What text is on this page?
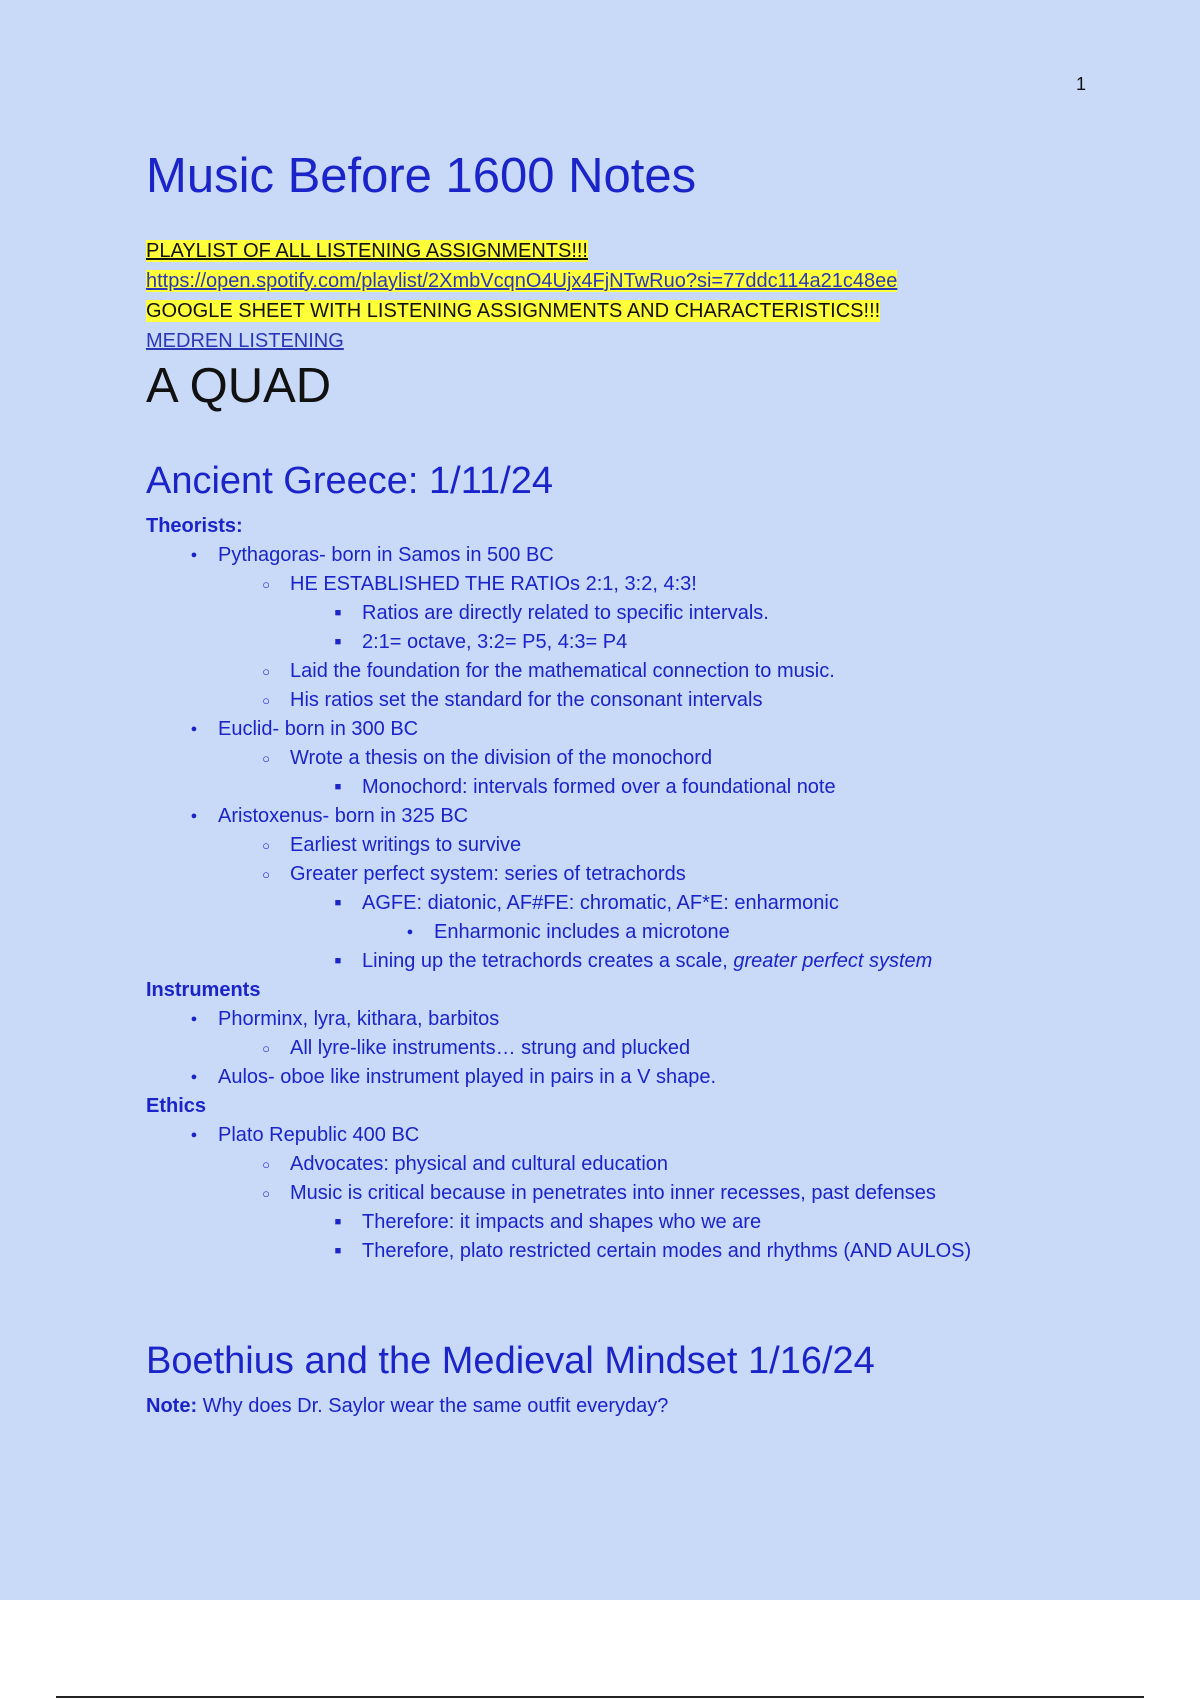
1
Music Before 1600 Notes
PLAYLIST OF ALL LISTENING ASSIGNMENTS!!!
https://open.spotify.com/playlist/2XmbVcqnO4Ujx4FjNTwRuo?si=77ddc114a21c48ee
GOOGLE SHEET WITH LISTENING ASSIGNMENTS AND CHARACTERISTICS!!!
MEDREN LISTENING
A QUAD
Ancient Greece: 1/11/24
Theorists:
●
Pythagoras- born in Samos in 500 BC
○
HE ESTABLISHED THE RATIOs 2:1, 3:2, 4:3!
■
Ratios are directly related to specific intervals.
■
2:1= octave, 3:2= P5, 4:3= P4
○
Laid the foundation for the mathematical connection to music.
○
His ratios set the standard for the consonant intervals
●
Euclid- born in 300 BC
○
Wrote a thesis on the division of the monochord
■
Monochord: intervals formed over a foundational note
●
Aristoxenus- born in 325 BC
○
Earliest writings to survive
○
Greater perfect system: series of tetrachords
■
AGFE: diatonic, AF#FE: chromatic, AF*E: enharmonic
●
Enharmonic includes a microtone
■
Lining up the tetrachords creates a scale, greater perfect system
Instruments
●
Phorminx, lyra, kithara, barbitos
○
All lyre-like instruments… strung and plucked
●
Aulos- oboe like instrument played in pairs in a V shape.
Ethics
●
Plato Republic 400 BC
○
Advocates: physical and cultural education
○
Music is critical because in penetrates into inner recesses, past defenses
■
Therefore: it impacts and shapes who we are
■
Therefore, plato restricted certain modes and rhythms (AND AULOS)
Boethius and the Medieval Mindset 1/16/24
Note: Why does Dr. Saylor wear the same outfit everyday?
